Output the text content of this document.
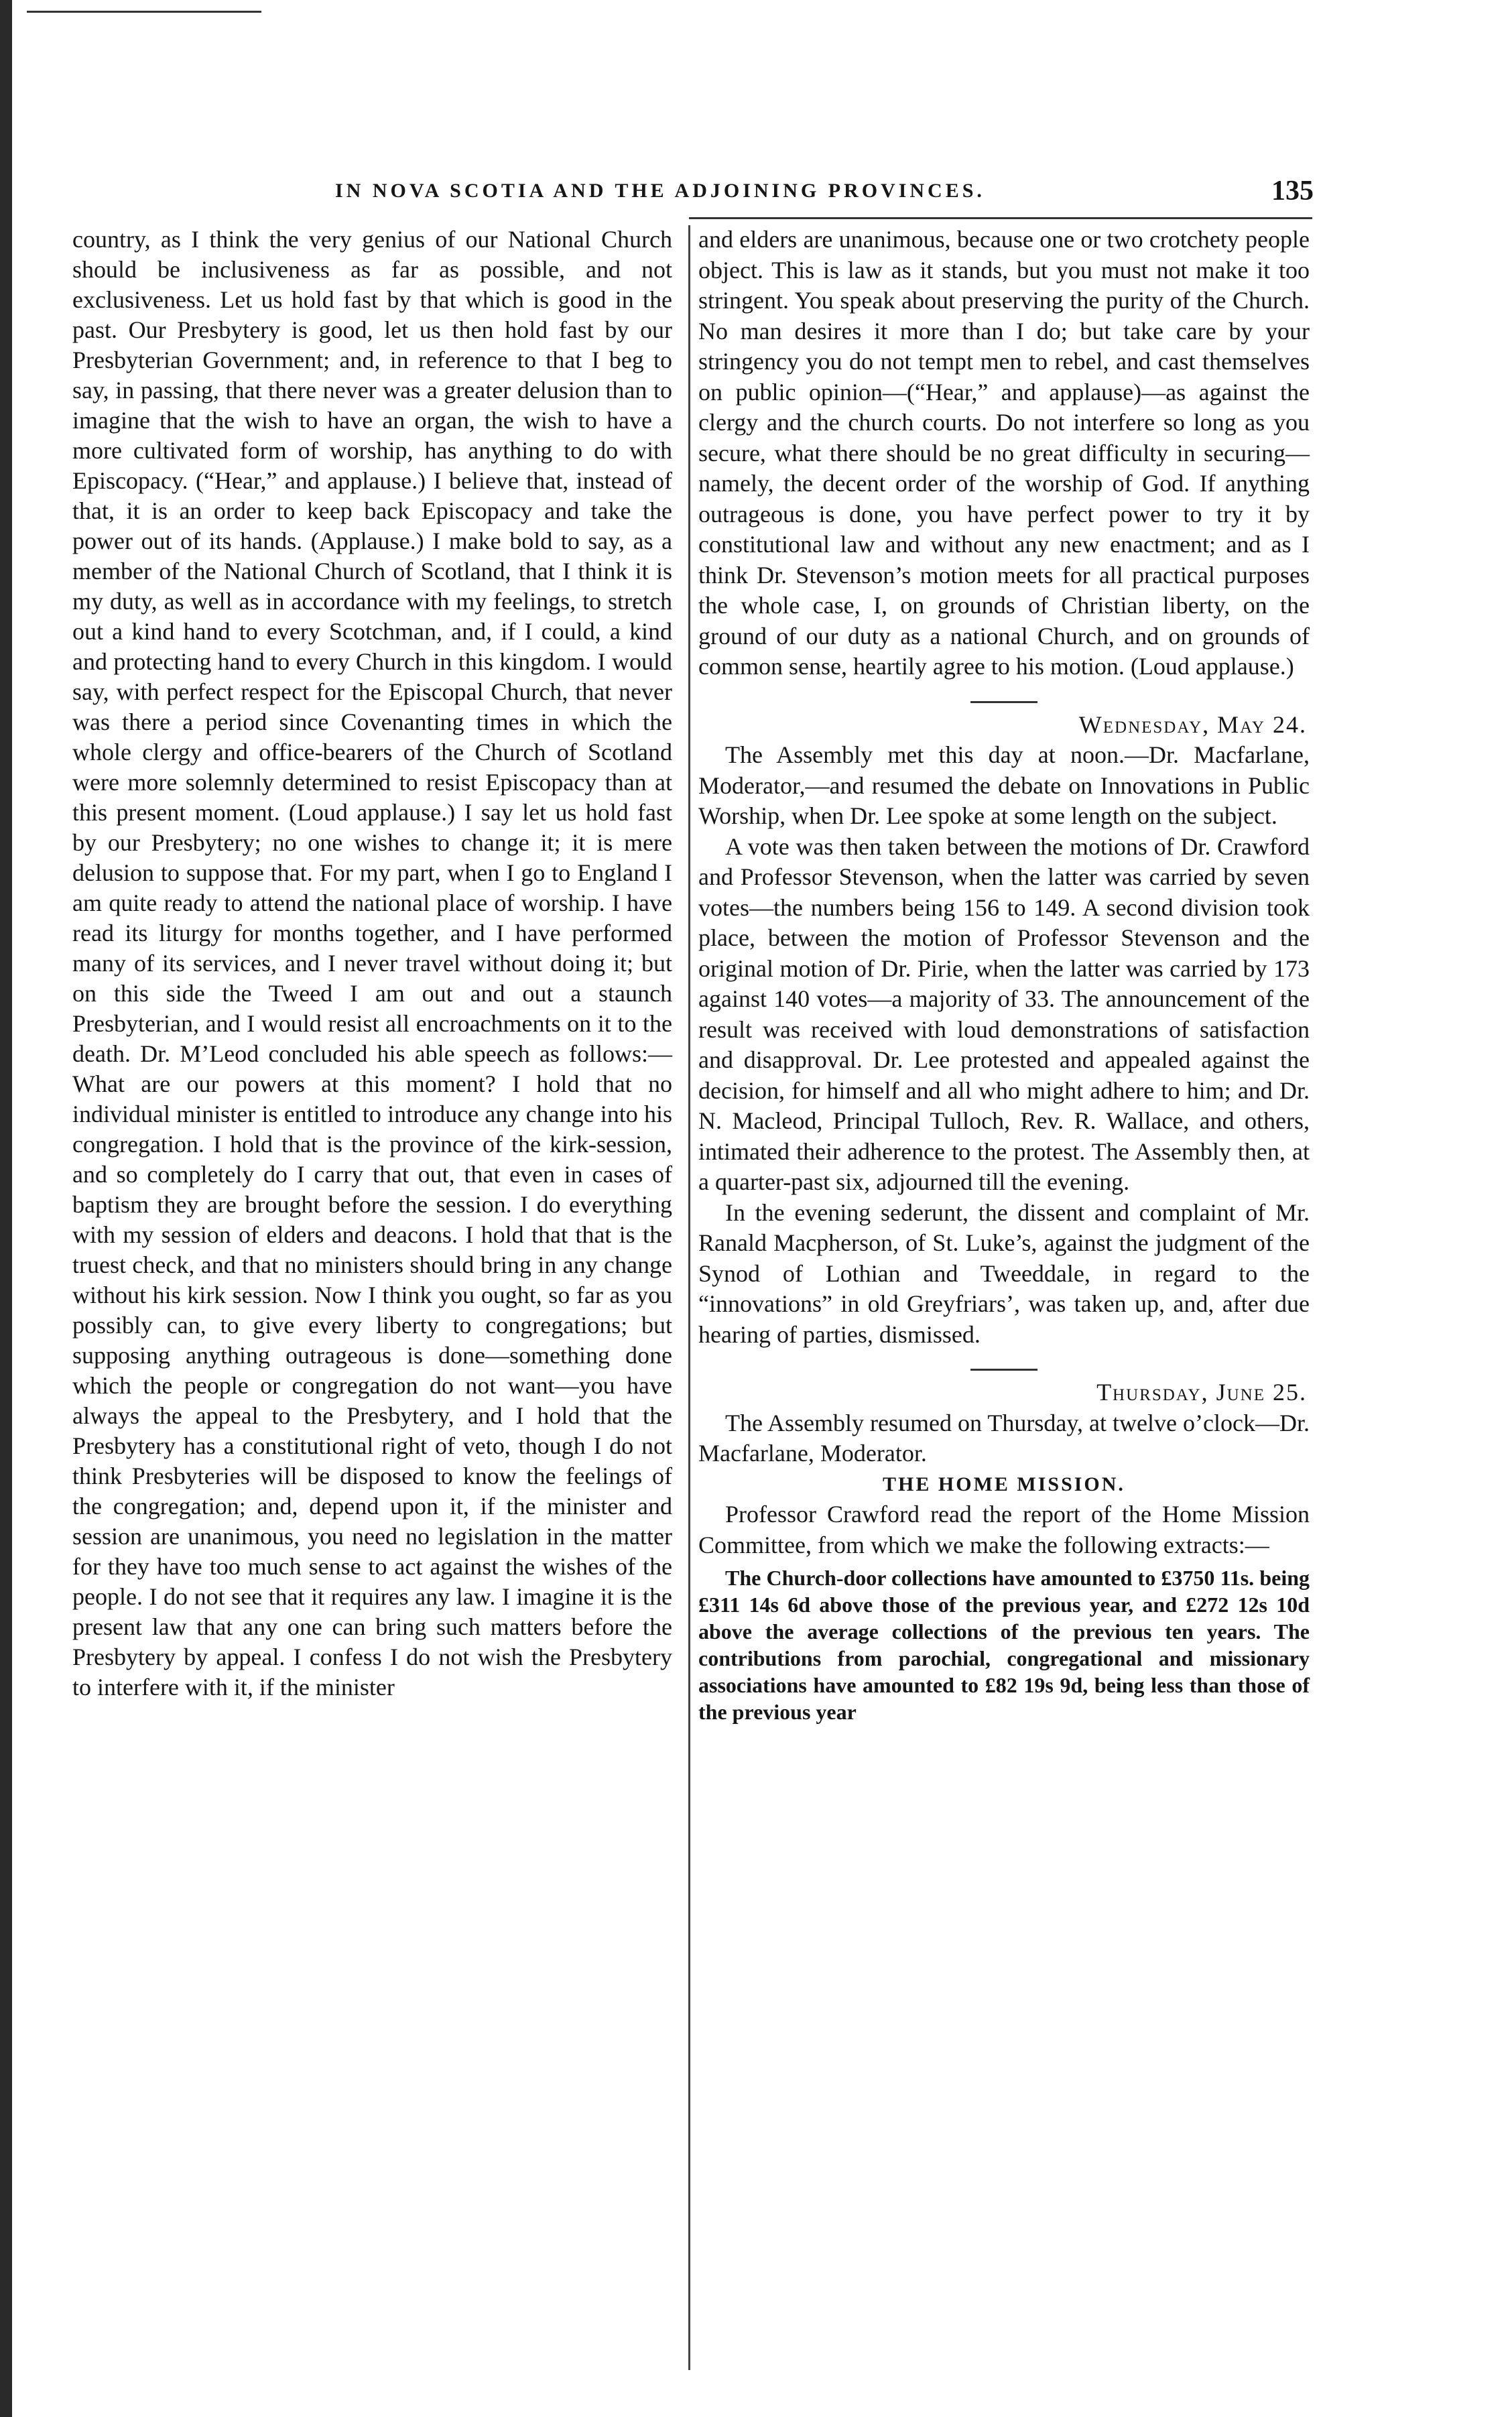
IN NOVA SCOTIA AND THE ADJOINING PROVINCES.	135

country, as I think the very genius of our National Church should be inclusiveness as far as possible, and not exclusiveness. Let us hold fast by that which is good in the past. Our Presbytery is good, let us then hold fast by our Presbyterian Government; and, in reference to that I beg to say, in passing, that there never was a greater delusion than to imagine that the wish to have an organ, the wish to have a more cultivated form of worship, has anything to do with Episcopacy. (“Hear,” and applause.) I believe that, instead of that, it is an order to keep back Episcopacy and take the power out of its hands. (Applause.) I make bold to say, as a member of the National Church of Scotland, that I think it is my duty, as well as in accordance with my feelings, to stretch out a kind hand to every Scotchman, and, if I could, a kind and protecting hand to every Church in this kingdom. I would say, with perfect respect for the Episcopal Church, that never was there a period since Covenanting times in which the whole clergy and office-bearers of the Church of Scotland were more solemnly determined to resist Episcopacy than at this present moment. (Loud applause.) I say let us hold fast by our Presbytery; no one wishes to change it; it is mere delusion to suppose that. For my part, when I go to England I am quite ready to attend the national place of worship. I have read its liturgy for months together, and I have performed many of its services, and I never travel without doing it; but on this side the Tweed I am out and out a staunch Presbyterian, and I would resist all encroachments on it to the death. Dr. M’Leod concluded his able speech as follows:—What are our powers at this moment? I hold that no individual minister is entitled to introduce any change into his congregation. I hold that is the province of the kirk-session, and so completely do I carry that out, that even in cases of baptism they are brought before the session. I do everything with my session of elders and deacons. I hold that that is the truest check, and that no ministers should bring in any change without his kirk session. Now I think you ought, so far as you possibly can, to give every liberty to congregations; but supposing anything outrageous is done—something done which the people or congregation do not want—you have always the appeal to the Presbytery, and I hold that the Presbytery has a constitutional right of veto, though I do not think Presbyteries will be disposed to know the feelings of the congregation; and, depend upon it, if the minister and session are unanimous, you need no legislation in the matter for they have too much sense to act against the wishes of the people. I do not see that it requires any law. I imagine it is the present law that any one can bring such matters before the Presbytery by appeal. I confess I do not wish the Presbytery to interfere with it, if the minister

and elders are unanimous, because one or two crotchety people object. This is law as it stands, but you must not make it too stringent. You speak about preserving the purity of the Church. No man desires it more than I do; but take care by your stringency you do not tempt men to rebel, and cast themselves on public opinion—(“Hear,” and applause)—as against the clergy and the church courts. Do not interfere so long as you secure, what there should be no great difficulty in securing—namely, the decent order of the worship of God. If anything outrageous is done, you have perfect power to try it by constitutional law and without any new enactment; and as I think Dr. Stevenson’s motion meets for all practical purposes the whole case, I, on grounds of Christian liberty, on the ground of our duty as a national Church, and on grounds of common sense, heartily agree to his motion. (Loud applause.)

Wednesday, May 24.

The Assembly met this day at noon.—Dr. Macfarlane, Moderator,—and resumed the debate on Innovations in Public Worship, when Dr. Lee spoke at some length on the subject.

A vote was then taken between the motions of Dr. Crawford and Professor Stevenson, when the latter was carried by seven votes—the numbers being 156 to 149. A second division took place, between the motion of Professor Stevenson and the original motion of Dr. Pirie, when the latter was carried by 173 against 140 votes—a majority of 33. The announcement of the result was received with loud demonstrations of satisfaction and disapproval. Dr. Lee protested and appealed against the decision, for himself and all who might adhere to him; and Dr. N. Macleod, Principal Tulloch, Rev. R. Wallace, and others, intimated their adherence to the protest. The Assembly then, at a quarter-past six, adjourned till the evening.

In the evening sederunt, the dissent and complaint of Mr. Ranald Macpherson, of St. Luke’s, against the judgment of the Synod of Lothian and Tweeddale, in regard to the “innovations” in old Greyfriars’, was taken up, and, after due hearing of parties, dismissed.

Thursday, June 25.

The Assembly resumed on Thursday, at twelve o’clock—Dr. Macfarlane, Moderator.

THE HOME MISSION.

Professor Crawford read the report of the Home Mission Committee, from which we make the following extracts:—

The Church-door collections have amounted to £3750 11s. being £311 14s 6d above those of the previous year, and £272 12s 10d above the average collections of the previous ten years. The contributions from parochial, congregational and missionary associations have amounted to £82 19s 9d, being less than those of the previous year
